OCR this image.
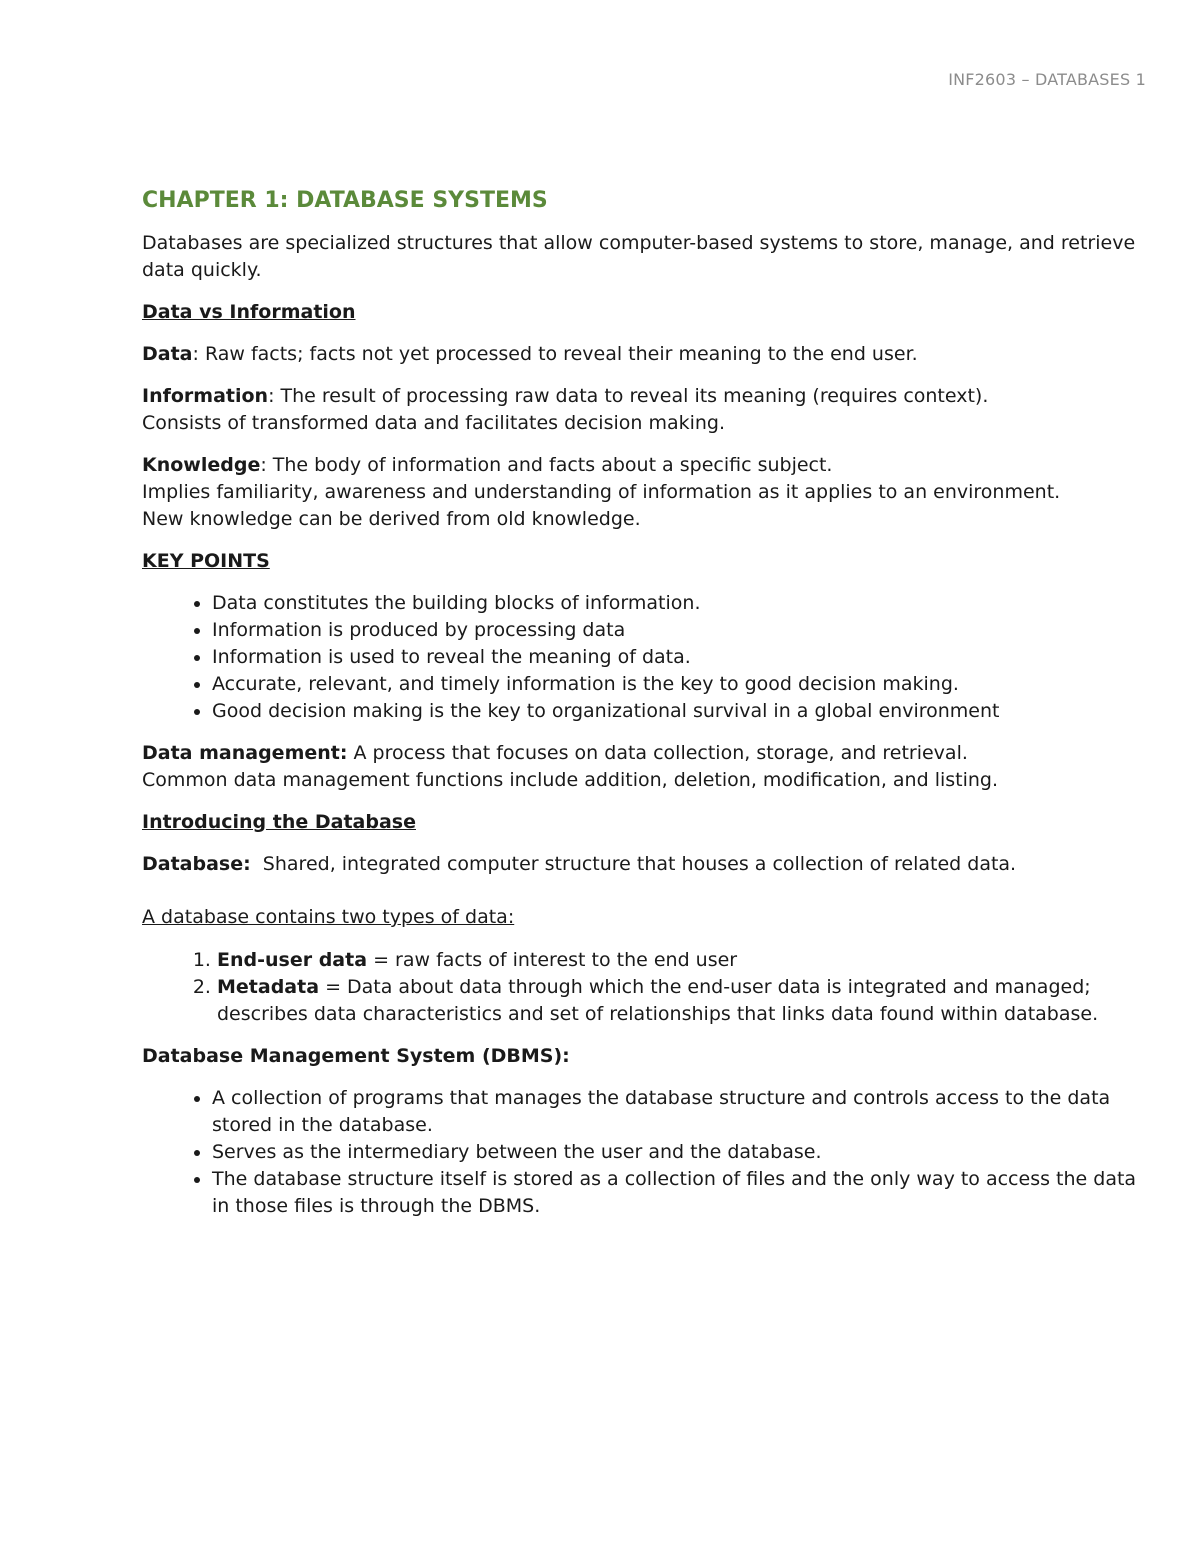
INF2603 – DATABASES 1
CHAPTER 1: DATABASE SYSTEMS

Databases are specialized structures that allow computer-based systems to store, manage, and retrieve data quickly.

Data vs Information

Data: Raw facts; facts not yet processed to reveal their meaning to the end user.

Information: The result of processing raw data to reveal its meaning (requires context).
Consists of transformed data and facilitates decision making.

Knowledge: The body of information and facts about a specific subject.
Implies familiarity, awareness and understanding of information as it applies to an environment.
New knowledge can be derived from old knowledge.

KEY POINTS
• Data constitutes the building blocks of information.
• Information is produced by processing data
• Information is used to reveal the meaning of data.
• Accurate, relevant, and timely information is the key to good decision making.
• Good decision making is the key to organizational survival in a global environment

Data management: A process that focuses on data collection, storage, and retrieval.
Common data management functions include addition, deletion, modification, and listing.

Introducing the Database

Database:  Shared, integrated computer structure that houses a collection of related data.

A database contains two types of data:
1. End-user data = raw facts of interest to the end user
2. Metadata = Data about data through which the end-user data is integrated and managed; describes data characteristics and set of relationships that links data found within database.

Database Management System (DBMS):

• A collection of programs that manages the database structure and controls access to the data stored in the database.
• Serves as the intermediary between the user and the database.
• The database structure itself is stored as a collection of files and the only way to access the data in those files is through the DBMS.
